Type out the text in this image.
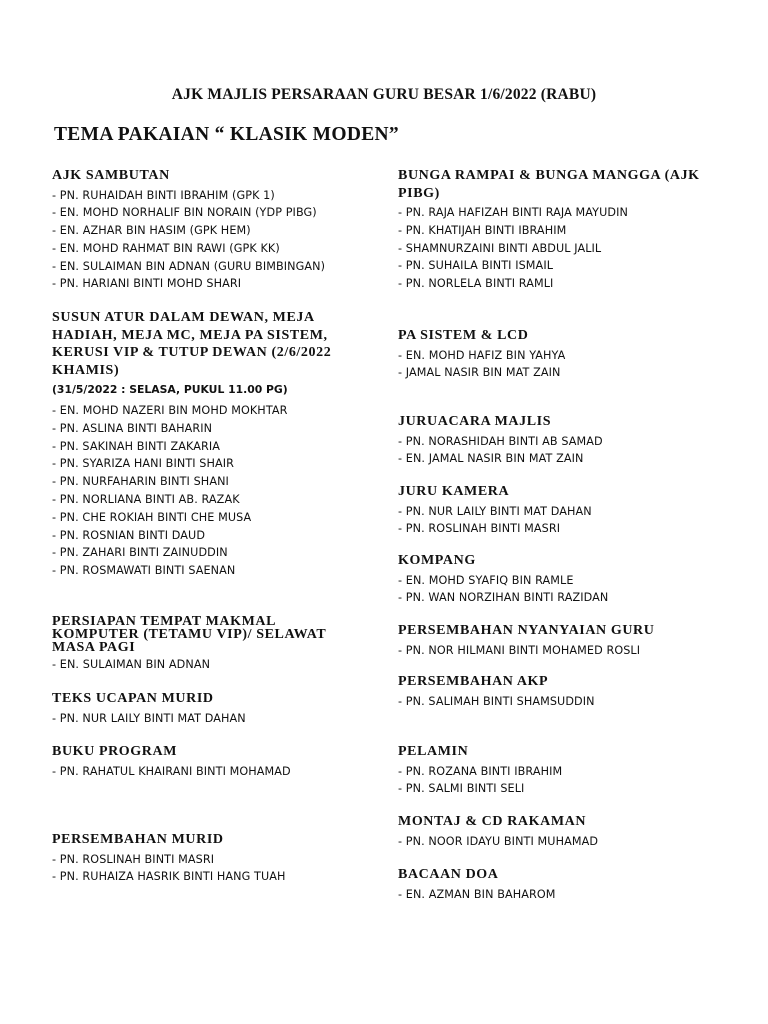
AJK MAJLIS PERSARAAN GURU BESAR 1/6/2022 (RABU)
TEMA PAKAIAN “ KLASIK MODEN”
AJK SAMBUTAN
- PN. RUHAIDAH BINTI IBRAHIM (GPK 1)
- EN. MOHD NORHALIF BIN NORAIN (YDP PIBG)
- EN. AZHAR BIN HASIM (GPK HEM)
- EN. MOHD RAHMAT BIN RAWI (GPK KK)
- EN. SULAIMAN BIN ADNAN (GURU BIMBINGAN)
- PN. HARIANI BINTI MOHD SHARI
SUSUN ATUR DALAM DEWAN, MEJA
HADIAH, MEJA MC, MEJA PA SISTEM,
KERUSI VIP & TUTUP DEWAN (2/6/2022
KHAMIS)
(31/5/2022 : SELASA, PUKUL 11.00 PG)
- EN. MOHD NAZERI BIN MOHD MOKHTAR
- PN. ASLINA BINTI BAHARIN
- PN. SAKINAH BINTI ZAKARIA
- PN. SYARIZA HANI BINTI SHAIR
- PN. NURFAHARIN BINTI SHANI
- PN. NORLIANA BINTI AB. RAZAK
- PN. CHE ROKIAH BINTI CHE MUSA
- PN. ROSNIAN BINTI DAUD
- PN. ZAHARI BINTI ZAINUDDIN
- PN. ROSMAWATI BINTI SAENAN
PERSIAPAN TEMPAT MAKMAL
KOMPUTER (TETAMU VIP)/ SELAWAT
MASA PAGI
- EN. SULAIMAN BIN ADNAN
TEKS UCAPAN MURID
- PN. NUR LAILY BINTI MAT DAHAN
BUKU PROGRAM
- PN. RAHATUL KHAIRANI BINTI MOHAMAD
PERSEMBAHAN MURID
- PN. ROSLINAH BINTI MASRI
- PN. RUHAIZA HASRIK BINTI HANG TUAH
BUNGA RAMPAI & BUNGA MANGGA (AJK
PIBG)
- PN. RAJA HAFIZAH BINTI RAJA MAYUDIN
- PN. KHATIJAH BINTI IBRAHIM
- SHAMNURZAINI BINTI ABDUL JALIL
- PN. SUHAILA BINTI ISMAIL
- PN. NORLELA BINTI RAMLI
PA SISTEM & LCD
- EN. MOHD HAFIZ BIN YAHYA
- JAMAL NASIR BIN MAT ZAIN
JURUACARA MAJLIS
- PN. NORASHIDAH BINTI AB SAMAD
- EN. JAMAL NASIR BIN MAT ZAIN
JURU KAMERA
- PN. NUR LAILY BINTI MAT DAHAN
- PN. ROSLINAH BINTI MASRI
KOMPANG
- EN. MOHD SYAFIQ BIN RAMLE
- PN. WAN NORZIHAN BINTI RAZIDAN
PERSEMBAHAN NYANYAIAN GURU
- PN. NOR HILMANI BINTI MOHAMED ROSLI
PERSEMBAHAN AKP
- PN. SALIMAH BINTI SHAMSUDDIN
PELAMIN
- PN. ROZANA BINTI IBRAHIM
- PN. SALMI BINTI SELI
MONTAJ & CD RAKAMAN
- PN. NOOR IDAYU BINTI MUHAMAD
BACAAN DOA
- EN. AZMAN BIN BAHAROM
